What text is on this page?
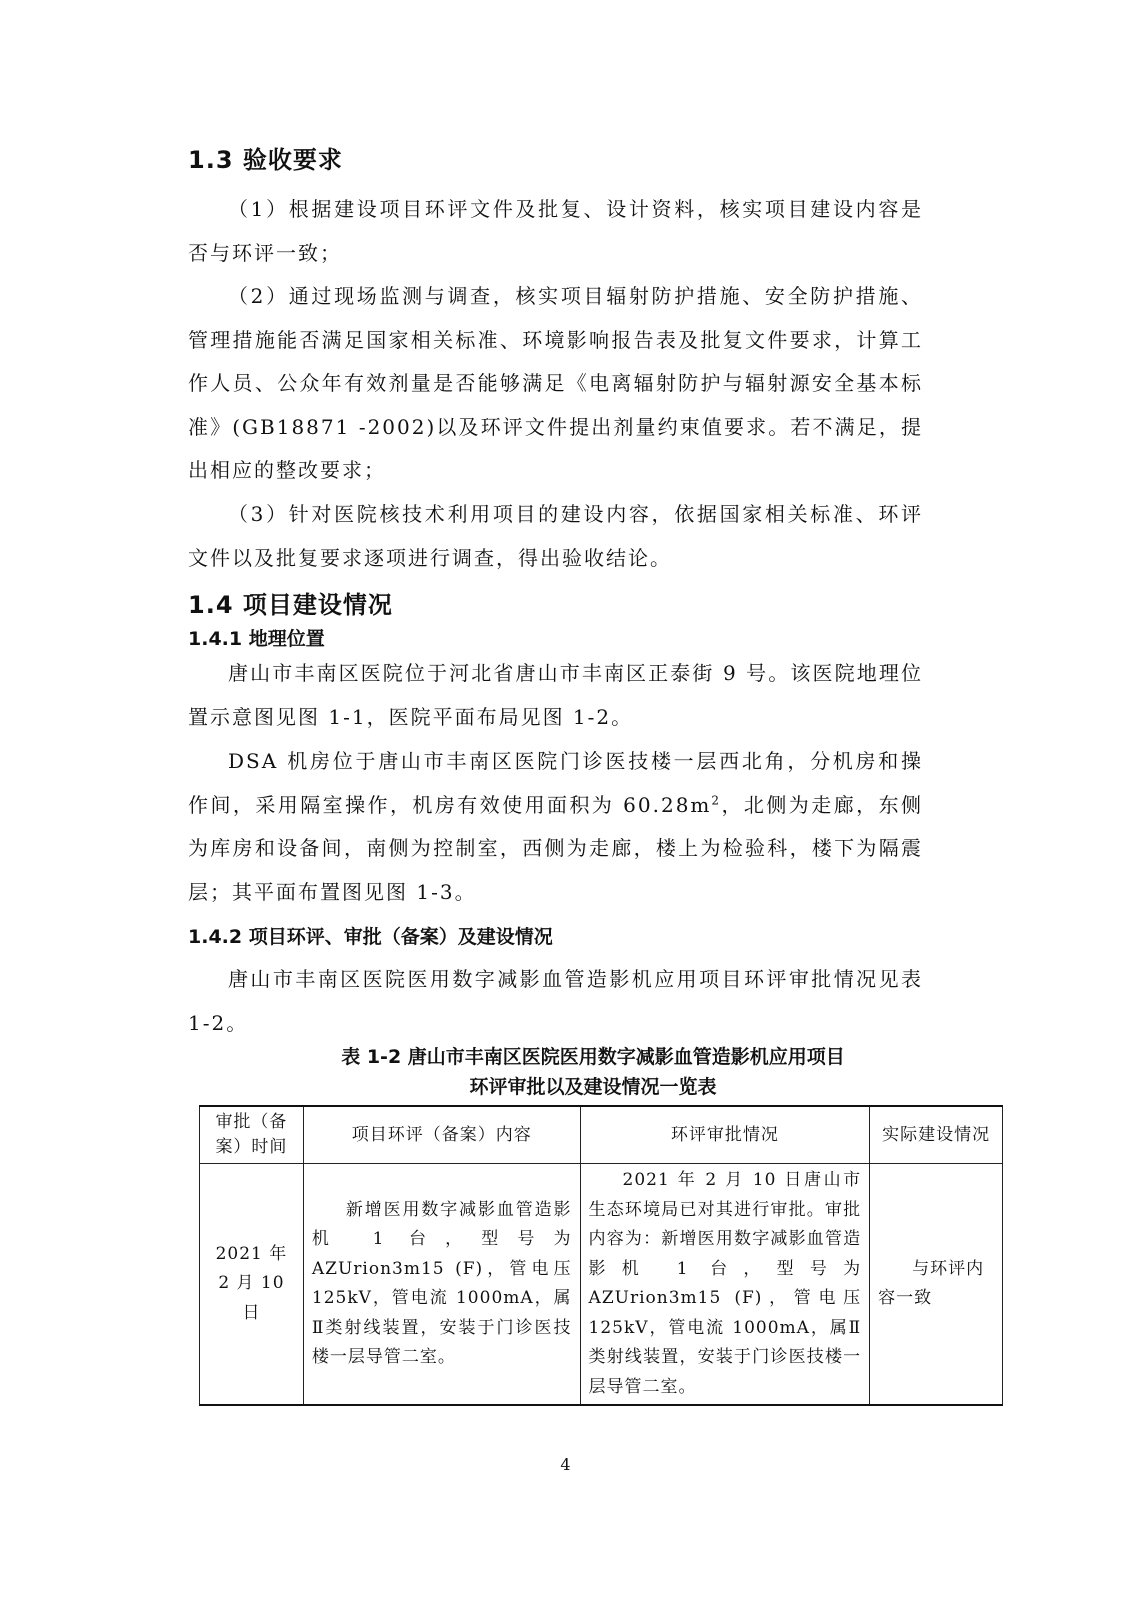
1.3 验收要求

（1）根据建设项目环评文件及批复、设计资料，核实项目建设内容是否与环评一致；

（2）通过现场监测与调查，核实项目辐射防护措施、安全防护措施、管理措施能否满足国家相关标准、环境影响报告表及批复文件要求，计算工作人员、公众年有效剂量是否能够满足《电离辐射防护与辐射源安全基本标准》(GB18871 -2002)以及环评文件提出剂量约束值要求。若不满足，提出相应的整改要求；

（3）针对医院核技术利用项目的建设内容，依据国家相关标准、环评文件以及批复要求逐项进行调查，得出验收结论。

1.4 项目建设情况
1.4.1 地理位置

唐山市丰南区医院位于河北省唐山市丰南区正泰街 9 号。该医院地理位置示意图见图 1-1，医院平面布局见图 1-2。

DSA 机房位于唐山市丰南区医院门诊医技楼一层西北角，分机房和操作间，采用隔室操作，机房有效使用面积为 $60.28m^2$，北侧为走廊，东侧为库房和设备间，南侧为控制室，西侧为走廊，楼上为检验科，楼下为隔震层；其平面布置图见图 1-3。

1.4.2 项目环评、审批（备案）及建设情况

唐山市丰南区医院医用数字减影血管造影机应用项目环评审批情况见表 1-2。

表 1-2 唐山市丰南区医院医用数字减影血管造影机应用项目
环评审批以及建设情况一览表
审批（备案）时间	项目环评（备案）内容	环评审批情况	实际建设情况
2021 年 2 月 10 日	新增医用数字减影血管造影机 1 台，型号为 AZUrion3m15 (F)，管电压 125kV，管电流 1000mA，属Ⅱ类射线装置，安装于门诊医技楼一层导管二室。	2021 年 2 月 10 日唐山市生态环境局已对其进行审批。审批内容为：新增医用数字减影血管造影机 1 台，型号为 AZUrion3m15 (F)，管电压 125kV，管电流 1000mA，属Ⅱ类射线装置，安装于门诊医技楼一层导管二室。	与环评内容一致
4
